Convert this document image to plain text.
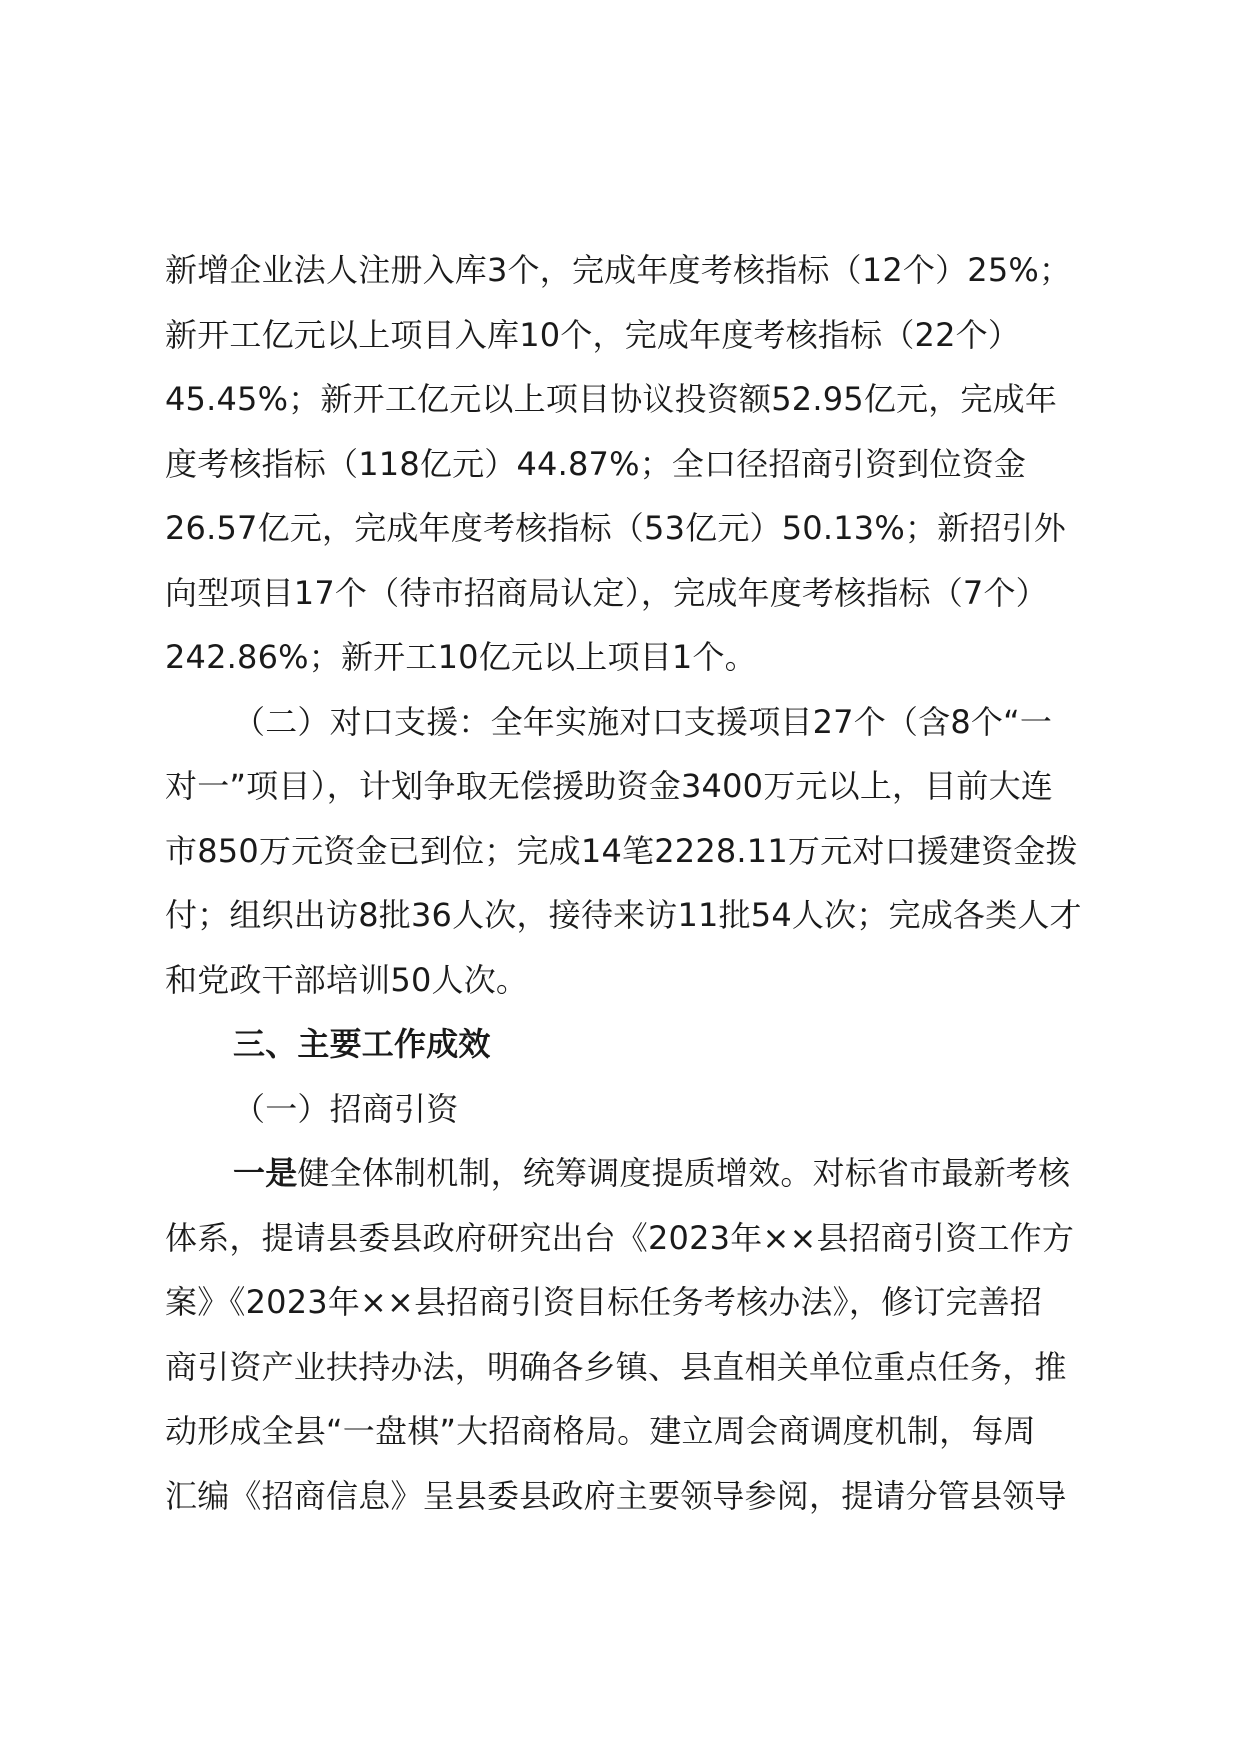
新增企业法人注册入库3个，完成年度考核指标（12个）25%；
新开工亿元以上项目入库10个，完成年度考核指标（22个）
45.45%；新开工亿元以上项目协议投资额52.95亿元，完成年
度考核指标（118亿元）44.87%；全口径招商引资到位资金
26.57亿元，完成年度考核指标（53亿元）50.13%；新招引外
向型项目17个（待市招商局认定），完成年度考核指标（7个）
242.86%；新开工10亿元以上项目1个。
（二）对口支援：全年实施对口支援项目27个（含8个“一
对一”项目），计划争取无偿援助资金3400万元以上，目前大连
市850万元资金已到位；完成14笔2228.11万元对口援建资金拨
付；组织出访8批36人次，接待来访11批54人次；完成各类人才
和党政干部培训50人次。
三、主要工作成效
（一）招商引资
一是健全体制机制，统筹调度提质增效。对标省市最新考核
体系，提请县委县政府研究出台《2023年××县招商引资工作方
案》《2023年××县招商引资目标任务考核办法》，修订完善招
商引资产业扶持办法，明确各乡镇、县直相关单位重点任务，推
动形成全县“一盘棋”大招商格局。建立周会商调度机制，每周
汇编《招商信息》呈县委县政府主要领导参阅，提请分管县领导
